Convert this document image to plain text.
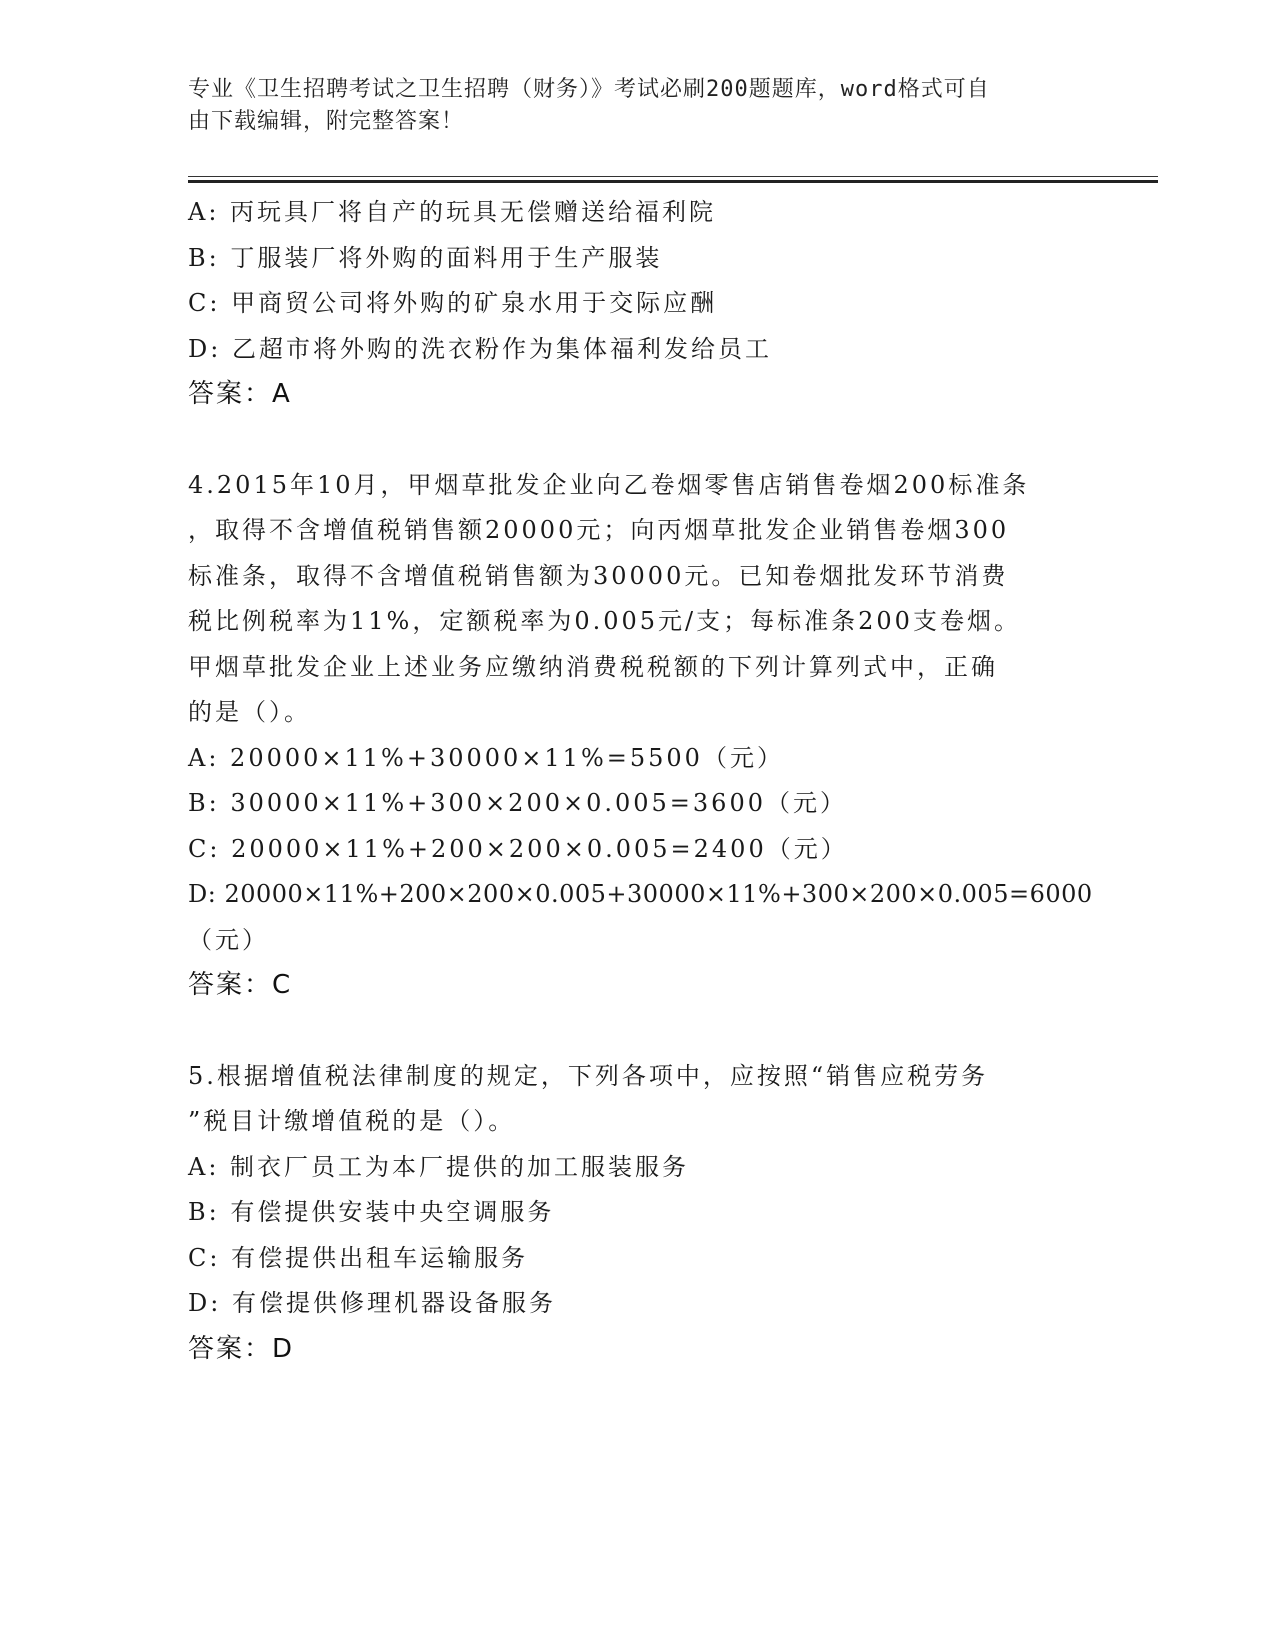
专业《卫生招聘考试之卫生招聘（财务）》考试必刷200题题库，word格式可自
由下载编辑，附完整答案！

A: 丙玩具厂将自产的玩具无偿赠送给福利院

B: 丁服装厂将外购的面料用于生产服装

C: 甲商贸公司将外购的矿泉水用于交际应酬

D: 乙超市将外购的洗衣粉作为集体福利发给员工

答案：A

4.2015年10月，甲烟草批发企业向乙卷烟零售店销售卷烟200标准条

，取得不含增值税销售额20000元；向丙烟草批发企业销售卷烟300

标准条，取得不含增值税销售额为30000元。已知卷烟批发环节消费

税比例税率为11%，定额税率为0.005元/支；每标准条200支卷烟。

甲烟草批发企业上述业务应缴纳消费税税额的下列计算列式中，正确

的是（）。

A: 20000×11%+30000×11%=5500（元）

B: 30000×11%+300×200×0.005=3600（元）

C: 20000×11%+200×200×0.005=2400（元）

D: 20000×11%+200×200×0.005+30000×11%+300×200×0.005=6000

（元）

答案：C

5.根据增值税法律制度的规定，下列各项中，应按照“销售应税劳务

”税目计缴增值税的是（）。

A: 制衣厂员工为本厂提供的加工服装服务

B: 有偿提供安装中央空调服务

C: 有偿提供出租车运输服务

D: 有偿提供修理机器设备服务

答案：D
